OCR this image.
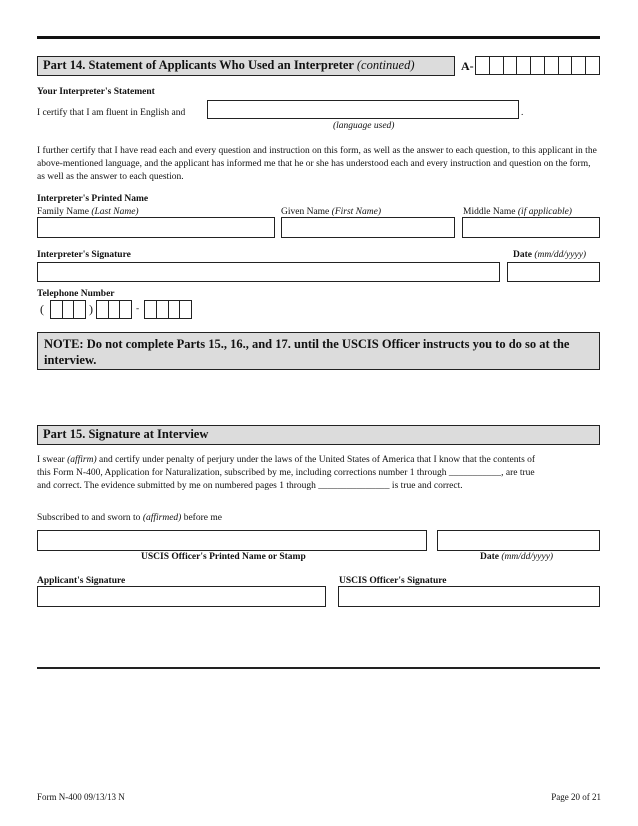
Part 14. Statement of Applicants Who Used an Interpreter (continued)	A-
Your Interpreter's Statement
I certify that I am fluent in English and	.
(language used)
I further certify that I have read each and every question and instruction on this form, as well as the answer to each question, to this applicant in the above-mentioned language, and the applicant has informed me that he or she has understood each and every instruction and question on the form, as well as the answer to each question.
Interpreter's Printed Name
Family Name (Last Name)	Given Name (First Name)	Middle Name (if applicable)
Interpreter's Signature	Date (mm/dd/yyyy)
Telephone Number
(	)	-
NOTE: Do not complete Parts 15., 16., and 17. until the USCIS Officer instructs you to do so at the interview.
Part 15. Signature at Interview
I swear (affirm) and certify under penalty of perjury under the laws of the United States of America that I know that the contents of
this Form N-400, Application for Naturalization, subscribed by me, including corrections number 1 through ___________, are true
and correct. The evidence submitted by me on numbered pages 1 through _______________ is true and correct.
Subscribed to and sworn to (affirmed) before me
USCIS Officer's Printed Name or Stamp	Date (mm/dd/yyyy)
Applicant's Signature	USCIS Officer's Signature
Form N-400 09/13/13 N	Page 20 of 21
